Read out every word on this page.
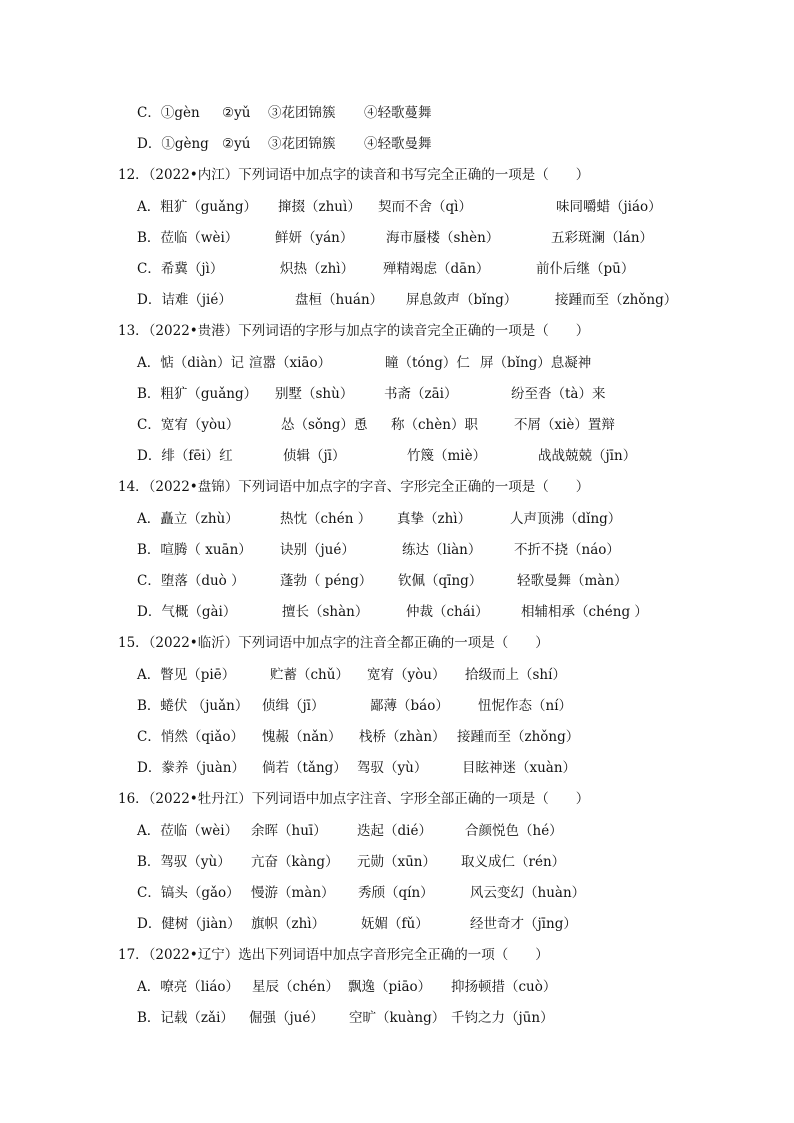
C．①gèn ②yǔ ③花团锦簇 ④轻歌蔓舞
D．①gèng ②yú ③花团锦簇 ④轻歌曼舞
12．（2022•内江）下列词语中加点字的读音和书写完全正确的一项是（　　）
A．粗犷（guǎng） 撺掇（zhuì） 契而不舍（qì）	味同嚼蜡（jiáo）
B．莅临（wèi）	鲜妍（yán） 海市蜃楼（shèn）	五彩斑澜（lán）
C．希冀（jì）	炽热（zhì） 殚精竭虑（dān）	前仆后继（pū）
D．诘难（jié）	盘桓（huán） 屏息敛声（bǐng）	接踵而至（zhǒng）
13．（2022•贵港）下列词语的字形与加点字的读音完全正确的一项是（　　）
A．惦（diàn）记 渲嚣（xiāo）	瞳（tóng）仁 屏（bǐng）息凝神
B．粗犷（guǎng） 别墅（shù） 书斋（zāi）	纷至沓（tà）来
C．宽宥（yòu）	怂（sǒng）恿 称（chèn）职	不屑（xiè）置辩
D．绯（fēi）红	侦辑（jī）	竹篾（miè）	战战兢兢（jīn）
14．（2022•盘锦）下列词语中加点字的字音、字形完全正确的一项是（　　）
A．矗立（zhù）	热忱（chén ） 真挚（zhì）	人声顶沸（dǐng）
B．喧腾（ xuān） 诀别（jué）	练达（liàn） 不折不挠（náo）
C．堕落（duò ）	蓬勃（ péng） 钦佩（qīng）	轻歌曼舞（màn）
D．气概（gài）	擅长（shàn）	仲裁（chái） 相辅相承（chéng ）
15．（2022•临沂）下列词语中加点字的注音全都正确的一项是（　　）
A．瞥见（piē）	贮蓄（chǔ） 宽宥（yòu） 拾级而上（shí）
B．蜷伏 （juǎn） 侦缉（jī）	鄙薄（báo） 忸怩作态（ní）
C．悄然（qiǎo） 愧赧（nǎn） 栈桥（zhàn） 接踵而至（zhǒng）
D．豢养（juàn） 倘若（tǎng） 驾驭（yù）	目眩神迷（xuàn）
16．（2022•牡丹江）下列词语中加点字注音、字形全部正确的一项是（　　）
A．莅临（wèi） 余晖（huī） 迭起（dié） 合颜悦色（hé）
B．驾驭（yù） 亢奋（kàng） 元勋（xūn） 取义成仁（rén）
C．镐头（gǎo） 慢游（màn） 秀颀（qín）	风云变幻（huàn）
D．健树（jiàn） 旗帜（zhì）	妩媚（fǔ）	经世奇才（jīng）
17．（2022•辽宁）选出下列词语中加点字音形完全正确的一项（　　）
A．嘹亮（liáo） 星辰（chén） 飘逸（piāo） 抑扬顿措（cuò）
B．记载（zǎi） 倔强（jué） 空旷（kuàng） 千钧之力（jūn）
